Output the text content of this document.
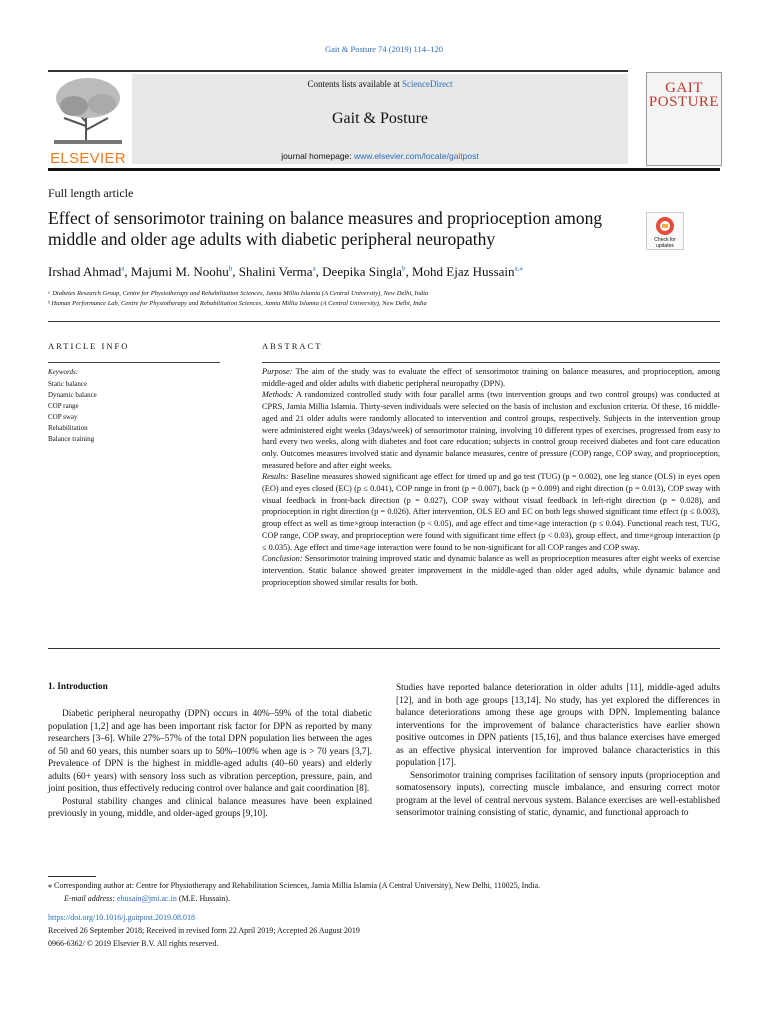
Gait & Posture 74 (2019) 114–120
ELSEVIER
Contents lists available at ScienceDirect
Gait & Posture
journal homepage: www.elsevier.com/locate/gaitpost
GAIT
POSTURE
Full length article
Effect of sensorimotor training on balance measures and proprioception among middle and older age adults with diabetic peripheral neuropathy	Check for updates
Irshad Ahmad$^a$, Majumi M. Noohu$^b$, Shalini Verma$^a$, Deepika Singla$^b$, Mohd Ejaz Hussain$^{a,⁎}$
ᵃ Diabetes Research Group, Centre for Physiotherapy and Rehabilitation Sciences, Jamia Millia Islamia (A Central University), New Delhi, India
ᵇ Human Performance Lab, Centre for Physiotherapy and Rehabilitation Sciences, Jamia Millia Islamia (A Central University), New Delhi, India
ARTICLE INFO
Keywords:
Static balance
Dynamic balance
COP range
COP sway
Rehabilitation
Balance training
ABSTRACT

Purpose: The aim of the study was to evaluate the effect of sensorimotor training on balance measures, and proprioception, among middle-aged and older adults with diabetic peripheral neuropathy (DPN).

Methods: A randomized controlled study with four parallel arms (two intervention groups and two control groups) was conducted at CPRS, Jamia Millia Islamia. Thirty-seven individuals were selected on the basis of inclusion and exclusion criteria. Of these, 16 middle-aged and 21 older adults were randomly allocated to intervention and control groups, respectively. Subjects in the intervention group were administered eight weeks (3days/week) of sensorimotor training, involving 10 different types of exercises, progressed from easy to hard every two weeks, along with diabetes and foot care education; subjects in control group received diabetes and foot care education only. Outcomes measures involved static and dynamic balance measures, centre of pressure (COP) range, COP sway, and proprioception, measured before and after eight weeks.

Results: Baseline measures showed significant age effect for timed up and go test (TUG) (p = 0.002), one leg stance (OLS) in eyes open (EO) and eyes closed (EC) (p ≤ 0.041), COP range in front (p = 0.007), back (p = 0.009) and right direction (p = 0.013), COP sway with visual feedback in front-back direction (p = 0.027), COP sway without visual feedback in left-right direction (p = 0.028), and proprioception in right direction (p = 0.026). After intervention, OLS EO and EC on both legs showed significant time effect (p ≤ 0.003), group effect as well as time×group interaction (p < 0.05), and age effect and time×age interaction (p ≤ 0.04). Functional reach test, TUG, COP range, COP sway, and proprioception were found with significant time effect (p < 0.03), group effect, and time×group interaction (p ≤ 0.035). Age effect and time×age interaction were found to be non-significant for all COP ranges and COP sway.

Conclusion: Sensorimotor training improved static and dynamic balance as well as proprioception measures after eight weeks of exercise intervention. Static balance showed greater improvement in the middle-aged than older aged adults, while dynamic balance and proprioception showed similar results for both.

1. Introduction

Diabetic peripheral neuropathy (DPN) occurs in 40%–59% of the total diabetic population [1,2] and age has been important risk factor for DPN as reported by many researchers [3–6]. While 27%–57% of the total DPN population lies between the ages of 50 and 60 years, this number soars up to 50%–100% when age is > 70 years [3,7]. Prevalence of DPN is the highest in middle-aged adults (40–60 years) and elderly adults (60+ years) with sensory loss such as vibration perception, pressure, pain, and joint position, thus effectively reducing control over balance and gait coordination [8].

Postural stability changes and clinical balance measures have been explained previously in young, middle, and older-aged groups [9,10].

Studies have reported balance deterioration in older adults [11], middle-aged adults [12], and in both age groups [13,14]. No study, has yet explored the differences in balance deteriorations among these age groups with DPN. Implementing balance interventions for the improvement of balance characteristics have earlier shown positive outcomes in DPN patients [15,16], and thus balance exercises have emerged as an effective physical intervention for improved balance characteristics in this population [17].

Sensorimotor training comprises facilitation of sensory inputs (proprioception and somatosensory inputs), correcting muscle imbalance, and ensuring correct motor program at the level of central nervous system. Balance exercises are well-established sensorimotor training consisting of static, dynamic, and functional approach to

⁎ Corresponding author at: Centre for Physiotherapy and Rehabilitation Sciences, Jamia Millia Islamia (A Central University), New Delhi, 110025, India.
E-mail address: ehusain@jmi.ac.in (M.E. Hussain).
https://doi.org/10.1016/j.gaitpost.2019.08.018
Received 26 September 2018; Received in revised form 22 April 2019; Accepted 26 August 2019
0966-6362/ © 2019 Elsevier B.V. All rights reserved.
